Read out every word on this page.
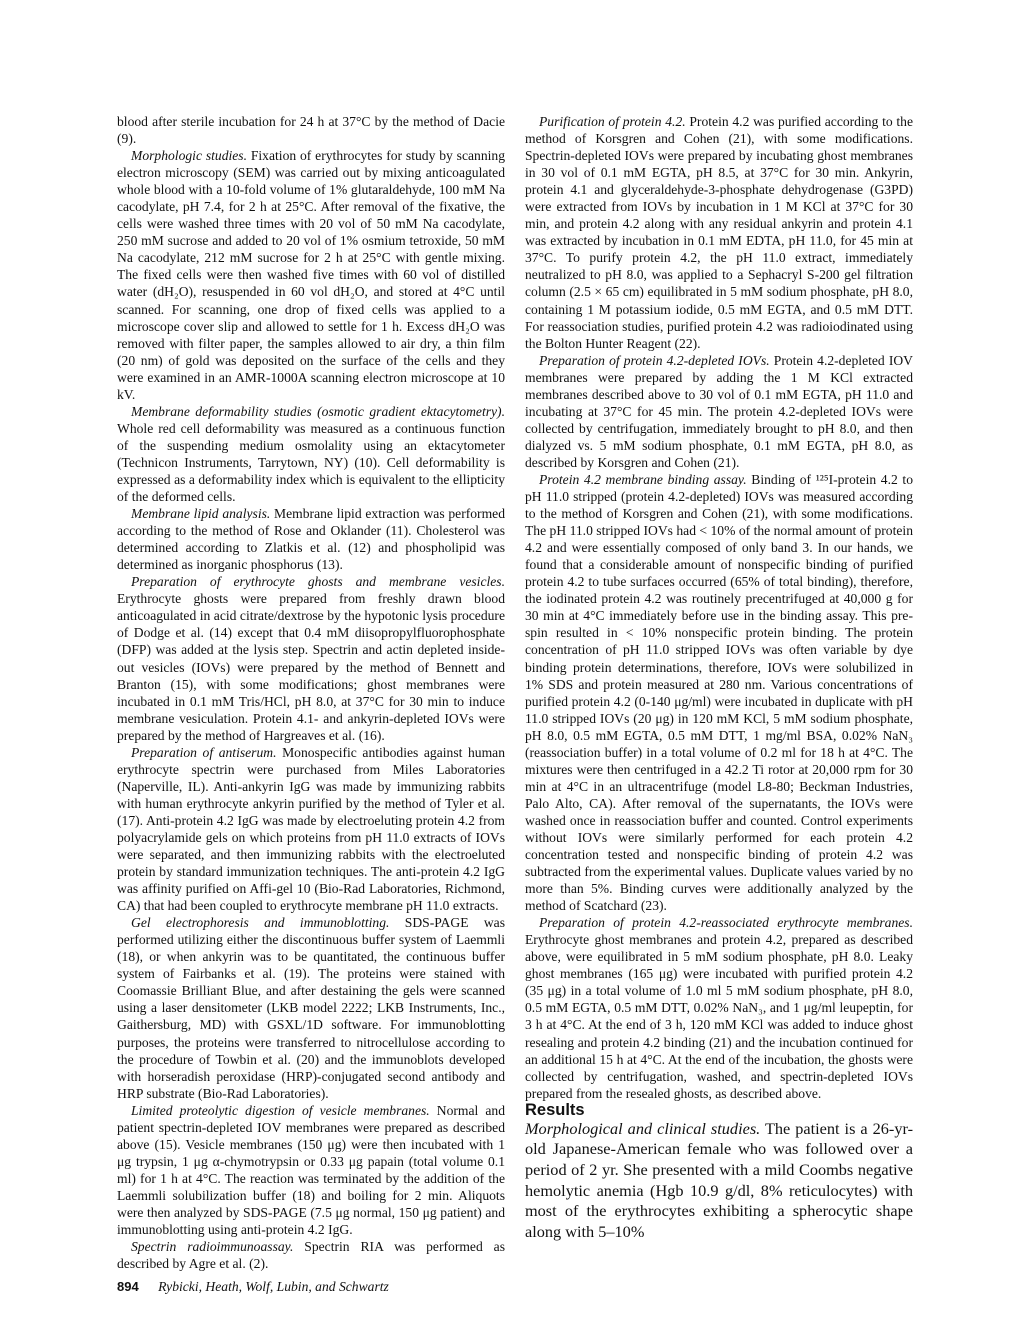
blood after sterile incubation for 24 h at 37°C by the method of Dacie (9).

Morphologic studies. Fixation of erythrocytes for study by scanning electron microscopy (SEM) was carried out by mixing anticoagulated whole blood with a 10-fold volume of 1% glutaraldehyde, 100 mM Na cacodylate, pH 7.4, for 2 h at 25°C. After removal of the fixative, the cells were washed three times with 20 vol of 50 mM Na cacodylate, 250 mM sucrose and added to 20 vol of 1% osmium tetroxide, 50 mM Na cacodylate, 212 mM sucrose for 2 h at 25°C with gentle mixing. The fixed cells were then washed five times with 60 vol of distilled water (dH₂O), resuspended in 60 vol dH₂O, and stored at 4°C until scanned. For scanning, one drop of fixed cells was applied to a microscope cover slip and allowed to settle for 1 h. Excess dH₂O was removed with filter paper, the samples allowed to air dry, a thin film (20 nm) of gold was deposited on the surface of the cells and they were examined in an AMR-1000A scanning electron microscope at 10 kV.

Membrane deformability studies (osmotic gradient ektacytometry). Whole red cell deformability was measured as a continuous function of the suspending medium osmolality using an ektacytometer (Technicon Instruments, Tarrytown, NY) (10). Cell deformability is expressed as a deformability index which is equivalent to the ellipticity of the deformed cells.

Membrane lipid analysis. Membrane lipid extraction was performed according to the method of Rose and Oklander (11). Cholesterol was determined according to Zlatkis et al. (12) and phospholipid was determined as inorganic phosphorus (13).

Preparation of erythrocyte ghosts and membrane vesicles. Erythrocyte ghosts were prepared from freshly drawn blood anticoagulated in acid citrate/dextrose by the hypotonic lysis procedure of Dodge et al. (14) except that 0.4 mM diisopropylfluorophosphate (DFP) was added at the lysis step. Spectrin and actin depleted inside-out vesicles (IOVs) were prepared by the method of Bennett and Branton (15), with some modifications; ghost membranes were incubated in 0.1 mM Tris/HCl, pH 8.0, at 37°C for 30 min to induce membrane vesiculation. Protein 4.1- and ankyrin-depleted IOVs were prepared by the method of Hargreaves et al. (16).

Preparation of antiserum. Monospecific antibodies against human erythrocyte spectrin were purchased from Miles Laboratories (Naperville, IL). Anti-ankyrin IgG was made by immunizing rabbits with human erythrocyte ankyrin purified by the method of Tyler et al. (17). Anti-protein 4.2 IgG was made by electroeluting protein 4.2 from polyacrylamide gels on which proteins from pH 11.0 extracts of IOVs were separated, and then immunizing rabbits with the electroeluted protein by standard immunization techniques. The anti-protein 4.2 IgG was affinity purified on Affi-gel 10 (Bio-Rad Laboratories, Richmond, CA) that had been coupled to erythrocyte membrane pH 11.0 extracts.

Gel electrophoresis and immunoblotting. SDS-PAGE was performed utilizing either the discontinuous buffer system of Laemmli (18), or when ankyrin was to be quantitated, the continuous buffer system of Fairbanks et al. (19). The proteins were stained with Coomassie Brilliant Blue, and after destaining the gels were scanned using a laser densitometer (LKB model 2222; LKB Instruments, Inc., Gaithersburg, MD) with GSXL/1D software. For immunoblotting purposes, the proteins were transferred to nitrocellulose according to the procedure of Towbin et al. (20) and the immunoblots developed with horseradish peroxidase (HRP)-conjugated second antibody and HRP substrate (Bio-Rad Laboratories).

Limited proteolytic digestion of vesicle membranes. Normal and patient spectrin-depleted IOV membranes were prepared as described above (15). Vesicle membranes (150 μg) were then incubated with 1 μg trypsin, 1 μg α-chymotrypsin or 0.33 μg papain (total volume 0.1 ml) for 1 h at 4°C. The reaction was terminated by the addition of the Laemmli solubilization buffer (18) and boiling for 2 min. Aliquots were then analyzed by SDS-PAGE (7.5 μg normal, 150 μg patient) and immunoblotting using anti-protein 4.2 IgG.

Spectrin radioimmunoassay. Spectrin RIA was performed as described by Agre et al. (2).

Purification of protein 4.2. Protein 4.2 was purified according to the method of Korsgren and Cohen (21), with some modifications. Spectrin-depleted IOVs were prepared by incubating ghost membranes in 30 vol of 0.1 mM EGTA, pH 8.5, at 37°C for 30 min. Ankyrin, protein 4.1 and glyceraldehyde-3-phosphate dehydrogenase (G3PD) were extracted from IOVs by incubation in 1 M KCl at 37°C for 30 min, and protein 4.2 along with any residual ankyrin and protein 4.1 was extracted by incubation in 0.1 mM EDTA, pH 11.0, for 45 min at 37°C. To purify protein 4.2, the pH 11.0 extract, immediately neutralized to pH 8.0, was applied to a Sephacryl S-200 gel filtration column (2.5 × 65 cm) equilibrated in 5 mM sodium phosphate, pH 8.0, containing 1 M potassium iodide, 0.5 mM EGTA, and 0.5 mM DTT. For reassociation studies, purified protein 4.2 was radioiodinated using the Bolton Hunter Reagent (22).

Preparation of protein 4.2-depleted IOVs. Protein 4.2-depleted IOV membranes were prepared by adding the 1 M KCl extracted membranes described above to 30 vol of 0.1 mM EGTA, pH 11.0 and incubating at 37°C for 45 min. The protein 4.2-depleted IOVs were collected by centrifugation, immediately brought to pH 8.0, and then dialyzed vs. 5 mM sodium phosphate, 0.1 mM EGTA, pH 8.0, as described by Korsgren and Cohen (21).

Protein 4.2 membrane binding assay. Binding of ¹²⁵I-protein 4.2 to pH 11.0 stripped (protein 4.2-depleted) IOVs was measured according to the method of Korsgren and Cohen (21), with some modifications. The pH 11.0 stripped IOVs had < 10% of the normal amount of protein 4.2 and were essentially composed of only band 3. In our hands, we found that a considerable amount of nonspecific binding of purified protein 4.2 to tube surfaces occurred (65% of total binding), therefore, the iodinated protein 4.2 was routinely precentrifuged at 40,000 g for 30 min at 4°C immediately before use in the binding assay. This pre-spin resulted in < 10% nonspecific protein binding. The protein concentration of pH 11.0 stripped IOVs was often variable by dye binding protein determinations, therefore, IOVs were solubilized in 1% SDS and protein measured at 280 nm. Various concentrations of purified protein 4.2 (0-140 μg/ml) were incubated in duplicate with pH 11.0 stripped IOVs (20 μg) in 120 mM KCl, 5 mM sodium phosphate, pH 8.0, 0.5 mM EGTA, 0.5 mM DTT, 1 mg/ml BSA, 0.02% NaN₃ (reassociation buffer) in a total volume of 0.2 ml for 18 h at 4°C. The mixtures were then centrifuged in a 42.2 Ti rotor at 20,000 rpm for 30 min at 4°C in an ultracentrifuge (model L8-80; Beckman Industries, Palo Alto, CA). After removal of the supernatants, the IOVs were washed once in reassociation buffer and counted. Control experiments without IOVs were similarly performed for each protein 4.2 concentration tested and nonspecific binding of protein 4.2 was subtracted from the experimental values. Duplicate values varied by no more than 5%. Binding curves were additionally analyzed by the method of Scatchard (23).

Preparation of protein 4.2-reassociated erythrocyte membranes. Erythrocyte ghost membranes and protein 4.2, prepared as described above, were equilibrated in 5 mM sodium phosphate, pH 8.0. Leaky ghost membranes (165 μg) were incubated with purified protein 4.2 (35 μg) in a total volume of 1.0 ml 5 mM sodium phosphate, pH 8.0, 0.5 mM EGTA, 0.5 mM DTT, 0.02% NaN₃, and 1 μg/ml leupeptin, for 3 h at 4°C. At the end of 3 h, 120 mM KCl was added to induce ghost resealing and protein 4.2 binding (21) and the incubation continued for an additional 15 h at 4°C. At the end of the incubation, the ghosts were collected by centrifugation, washed, and spectrin-depleted IOVs prepared from the resealed ghosts, as described above.

Results

Morphological and clinical studies. The patient is a 26-yr-old Japanese-American female who was followed over a period of 2 yr. She presented with a mild Coombs negative hemolytic anemia (Hgb 10.9 g/dl, 8% reticulocytes) with most of the erythrocytes exhibiting a spherocytic shape along with 5–10%

894 Rybicki, Heath, Wolf, Lubin, and Schwartz
